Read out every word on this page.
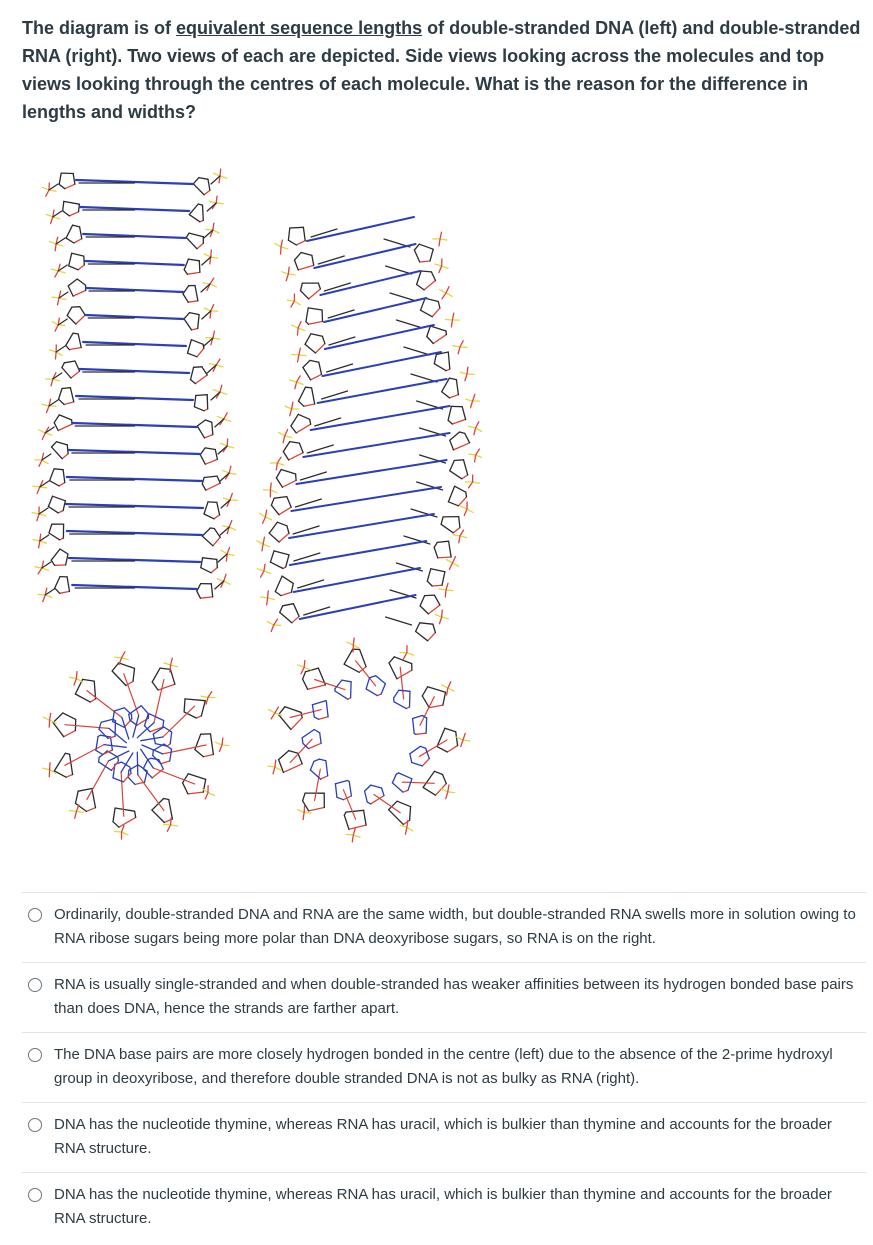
The diagram is of equivalent sequence lengths of double-stranded DNA (left) and double-stranded RNA (right). Two views of each are depicted. Side views looking across the molecules and top views looking through the centres of each molecule. What is the reason for the difference in lengths and widths?

Ordinarily, double-stranded DNA and RNA are the same width, but double-stranded RNA swells more in solution owing to RNA ribose sugars being more polar than DNA deoxyribose sugars, so RNA is on the right.
RNA is usually single-stranded and when double-stranded has weaker affinities between its hydrogen bonded base pairs than does DNA, hence the strands are farther apart.
The DNA base pairs are more closely hydrogen bonded in the centre (left) due to the absence of the 2-prime hydroxyl group in deoxyribose, and therefore double stranded DNA is not as bulky as RNA (right).
DNA has the nucleotide thymine, whereas RNA has uracil, which is bulkier than thymine and accounts for the broader RNA structure.
DNA has the nucleotide thymine, whereas RNA has uracil, which is bulkier than thymine and accounts for the broader RNA structure.
